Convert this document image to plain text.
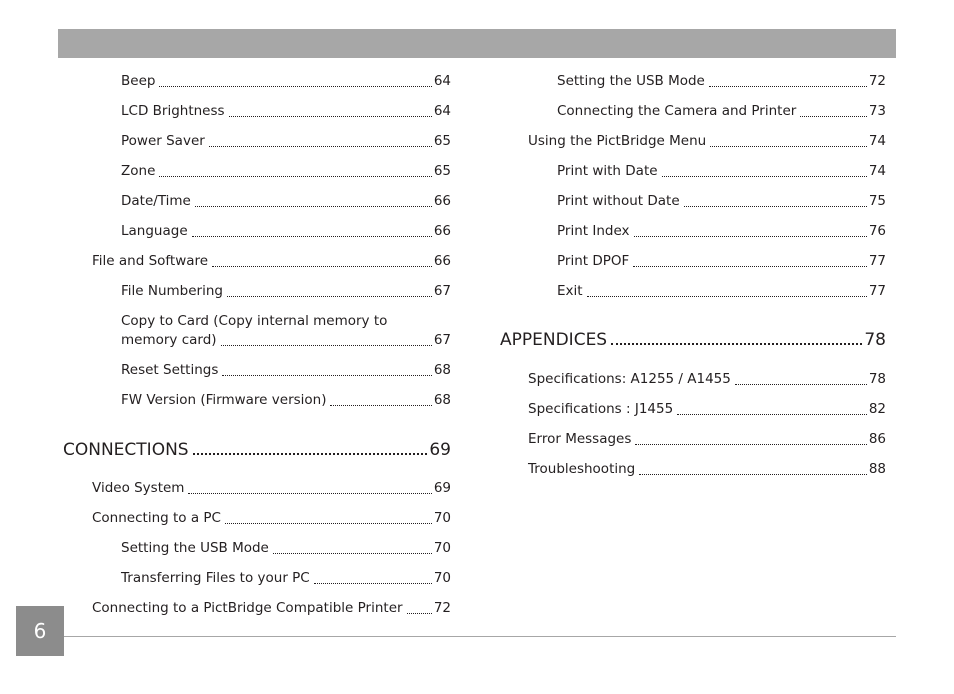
Beep	64
LCD Brightness	64
Power Saver	65
Zone	65
Date/Time	66
Language	66
File and Software	66
File Numbering	67
Copy to Card (Copy internal memory to
memory card)	67
Reset Settings	68
FW Version (Firmware version)	68
CONNECTIONS	69
Video System	69
Connecting to a PC	70
Setting the USB Mode	70
Transferring Files to your PC	70
Connecting to a PictBridge Compatible Printer 72
Setting the USB Mode	72
Connecting the Camera and Printer	73
Using the PictBridge Menu	74
Print with Date	74
Print without Date	75
Print Index	76
Print DPOF	77
Exit	77
APPENDICES	78
Specifications: A1255 / A1455	78
Specifications : J1455	82
Error Messages	86
Troubleshooting	88
6
